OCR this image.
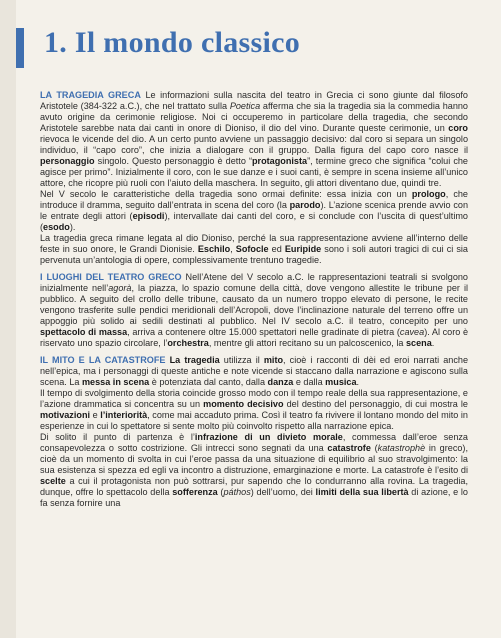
1. Il mondo classico

LA TRAGEDIA GRECA Le informazioni sulla nascita del teatro in Grecia ci sono giunte dal filosofo Aristotele (384-322 a.C.), che nel trattato sulla Poetica afferma che sia la tragedia sia la commedia hanno avuto origine da cerimonie religiose. Noi ci occuperemo in particolare della tragedia, che secondo Aristotele sarebbe nata dai canti in onore di Dioniso, il dio del vino. Durante queste cerimonie, un coro rievoca le vicende del dio. A un certo punto avviene un passaggio decisivo: dal coro si separa un singolo individuo, il “capo coro”, che inizia a dialogare con il gruppo. Dalla figura del capo coro nasce il personaggio singolo. Questo personaggio è detto “protagonista”, termine greco che significa “colui che agisce per primo”. Inizialmente il coro, con le sue danze e i suoi canti, è sempre in scena insieme all’unico attore, che ricopre più ruoli con l’aiuto della maschera. In seguito, gli attori diventano due, quindi tre.

Nel V secolo le caratteristiche della tragedia sono ormai definite: essa inizia con un prologo, che introduce il dramma, seguito dall’entrata in scena del coro (la parodo). L’azione scenica prende avvio con le entrate degli attori (episodi), intervallate dai canti del coro, e si conclude con l’uscita di quest’ultimo (esodo).

La tragedia greca rimane legata al dio Dioniso, perché la sua rappresentazione avviene all’interno delle feste in suo onore, le Grandi Dionisie. Eschilo, Sofocle ed Euripide sono i soli autori tragici di cui ci sia pervenuta un’antologia di opere, complessivamente trentuno tragedie.

I LUOGHI DEL TEATRO GRECO Nell’Atene del V secolo a.C. le rappresentazioni teatrali si svolgono inizialmente nell’agorà, la piazza, lo spazio comune della città, dove vengono allestite le tribune per il pubblico. A seguito del crollo delle tribune, causato da un numero troppo elevato di persone, le recite vengono trasferite sulle pendici meridionali dell’Acropoli, dove l’inclinazione naturale del terreno offre un appoggio più solido ai sedili destinati al pubblico. Nel IV secolo a.C. il teatro, concepito per uno spettacolo di massa, arriva a contenere oltre 15.000 spettatori nelle gradinate di pietra (cavea). Al coro è riservato uno spazio circolare, l’orchestra, mentre gli attori recitano su un palcoscenico, la scena.

IL MITO E LA CATASTROFE La tragedia utilizza il mito, cioè i racconti di dèi ed eroi narrati anche nell’epica, ma i personaggi di queste antiche e note vicende si staccano dalla narrazione e agiscono sulla scena. La messa in scena è potenziata dal canto, dalla danza e dalla musica.

Il tempo di svolgimento della storia coincide grosso modo con il tempo reale della sua rappresentazione, e l’azione drammatica si concentra su un momento decisivo del destino del personaggio, di cui mostra le motivazioni e l’interiorità, come mai accaduto prima. Così il teatro fa rivivere il lontano mondo del mito in esperienze in cui lo spettatore si sente molto più coinvolto rispetto alla narrazione epica.

Di solito il punto di partenza è l’infrazione di un divieto morale, commessa dall’eroe senza consapevolezza o sotto costrizione. Gli intrecci sono segnati da una catastrofe (katastrophè in greco), cioè da un momento di svolta in cui l’eroe passa da una situazione di equilibrio al suo stravolgimento: la sua esistenza si spezza ed egli va incontro a distruzione, emarginazione e morte. La catastrofe è l’esito di scelte a cui il protagonista non può sottrarsi, pur sapendo che lo condurranno alla rovina. La tragedia, dunque, offre lo spettacolo della sofferenza (páthos) dell’uomo, dei limiti della sua libertà di azione, e lo fa senza fornire una
